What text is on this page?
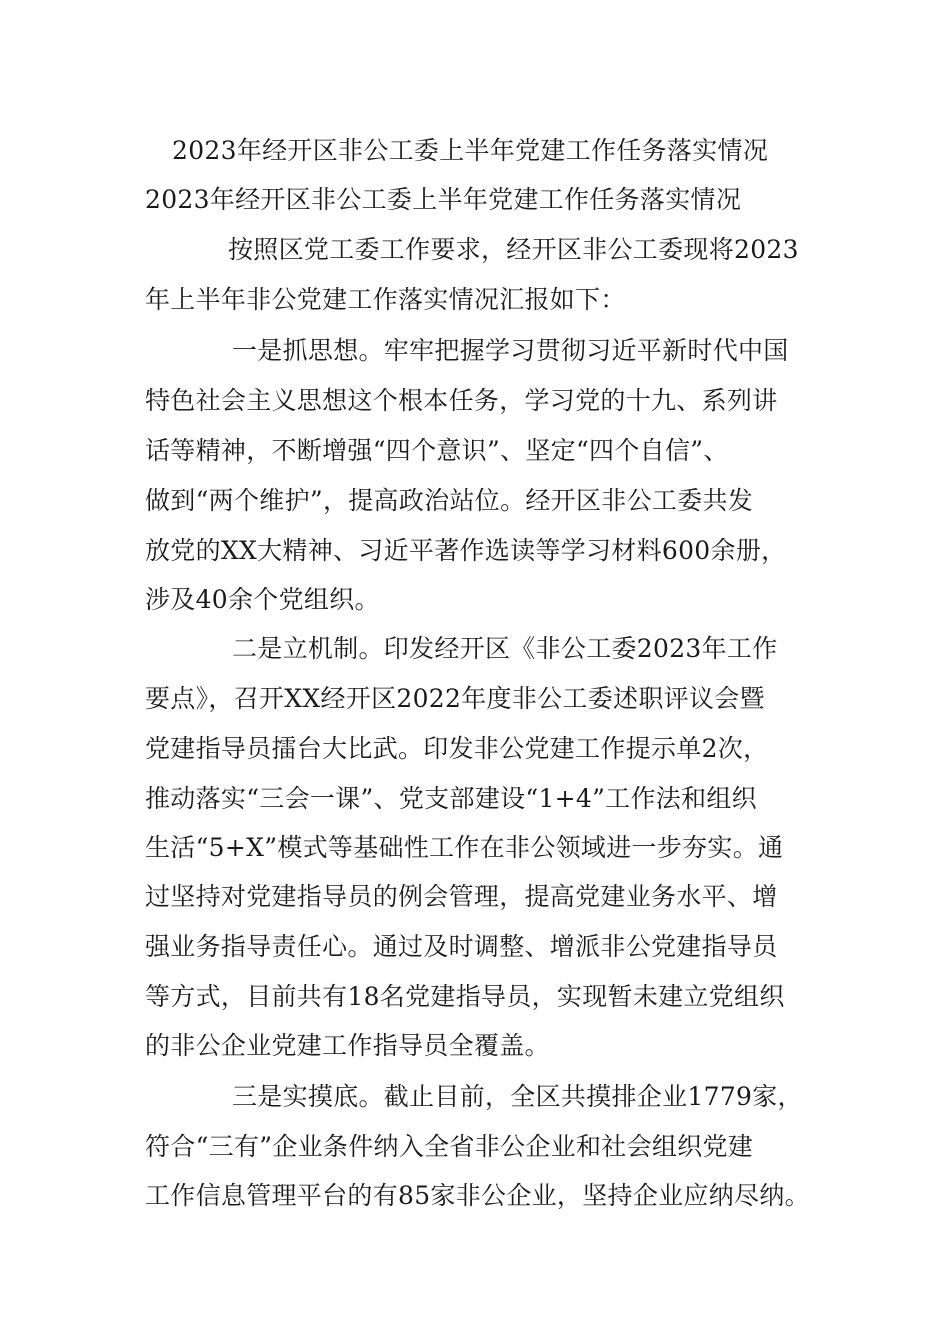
2023年经开区非公工委上半年党建工作任务落实情况
2023年经开区非公工委上半年党建工作任务落实情况
按照区党工委工作要求，经开区非公工委现将2023
年上半年非公党建工作落实情况汇报如下：
一是抓思想。牢牢把握学习贯彻习近平新时代中国
特色社会主义思想这个根本任务，学习党的十九、系列讲
话等精神，不断增强“四个意识”、坚定“四个自信”、
做到“两个维护”，提高政治站位。经开区非公工委共发
放党的XX大精神、习近平著作选读等学习材料600余册，
涉及40余个党组织。
二是立机制。印发经开区《非公工委2023年工作
要点》，召开XX经开区2022年度非公工委述职评议会暨
党建指导员擂台大比武。印发非公党建工作提示单2次，
推动落实“三会一课”、党支部建设“1+4”工作法和组织
生活“5+X”模式等基础性工作在非公领域进一步夯实。通
过坚持对党建指导员的例会管理，提高党建业务水平、增
强业务指导责任心。通过及时调整、增派非公党建指导员
等方式，目前共有18名党建指导员，实现暂未建立党组织
的非公企业党建工作指导员全覆盖。
三是实摸底。截止目前，全区共摸排企业1779家，
符合“三有”企业条件纳入全省非公企业和社会组织党建
工作信息管理平台的有85家非公企业，坚持企业应纳尽纳。
